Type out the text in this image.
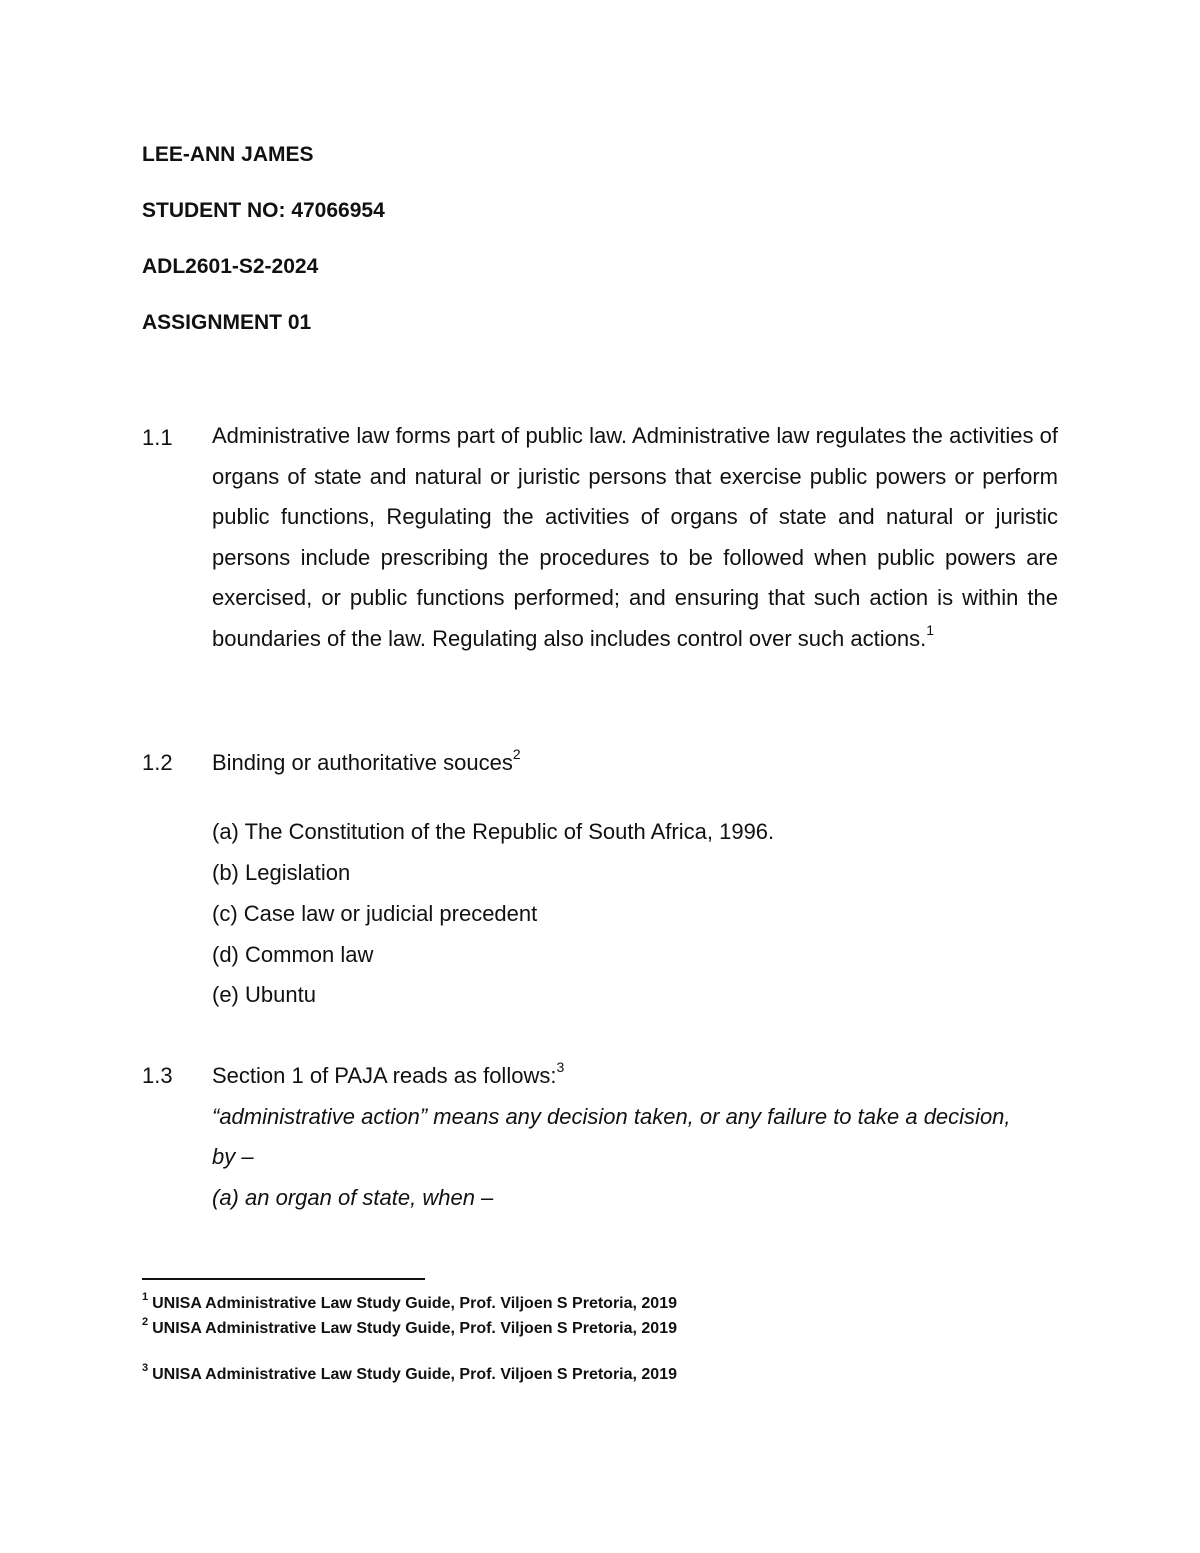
LEE-ANN JAMES
STUDENT NO: 47066954
ADL2601-S2-2024
ASSIGNMENT 01
1.1 Administrative law forms part of public law. Administrative law regulates the activities of organs of state and natural or juristic persons that exercise public powers or perform public functions, Regulating the activities of organs of state and natural or juristic persons include prescribing the procedures to be followed when public powers are exercised, or public functions performed; and ensuring that such action is within the boundaries of the law. Regulating also includes control over such actions.$^1$
1.2 Binding or authoritative souces$^2$
(a) The Constitution of the Republic of South Africa, 1996.
(b) Legislation
(c) Case law or judicial precedent
(d) Common law
(e) Ubuntu
1.3 Section 1 of PAJA reads as follows:$^3$
“administrative action” means any decision taken, or any failure to take a decision,
by –
(a) an organ of state, when –
$^1$ UNISA Administrative Law Study Guide, Prof. Viljoen S Pretoria, 2019
$^2$ UNISA Administrative Law Study Guide, Prof. Viljoen S Pretoria, 2019
$^3$ UNISA Administrative Law Study Guide, Prof. Viljoen S Pretoria, 2019
